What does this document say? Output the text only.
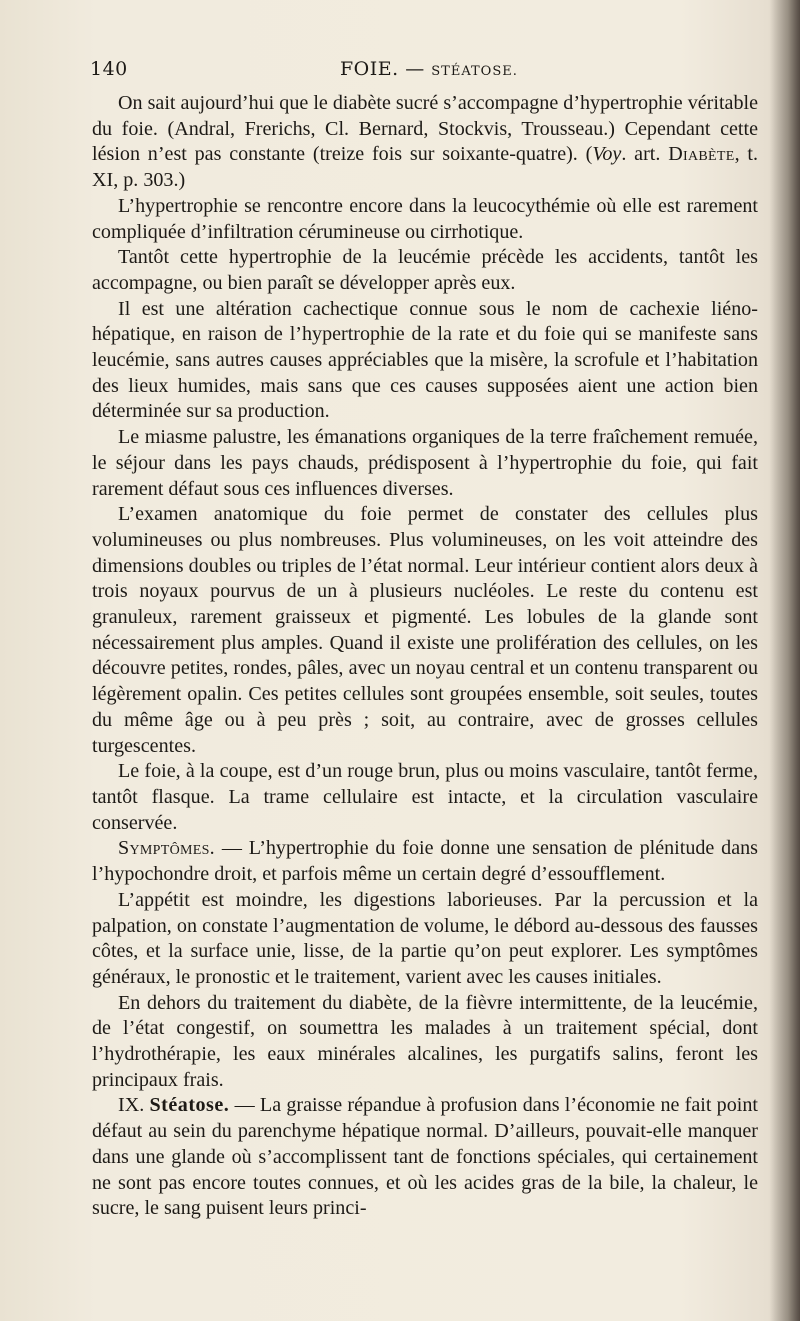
140	FOIE. — STÉATOSE.

On sait aujourd’hui que le diabète sucré s’accompagne d’hypertrophie véritable du foie. (Andral, Frerichs, Cl. Bernard, Stockvis, Trousseau.) Cependant cette lésion n’est pas constante (treize fois sur soixante-quatre). (Voy. art. Diabète, t. XI, p. 303.)

L’hypertrophie se rencontre encore dans la leucocythémie où elle est rarement compliquée d’infiltration cérumineuse ou cirrhotique.

Tantôt cette hypertrophie de la leucémie précède les accidents, tantôt les accompagne, ou bien paraît se développer après eux.

Il est une altération cachectique connue sous le nom de cachexie liéno-hépatique, en raison de l’hypertrophie de la rate et du foie qui se manifeste sans leucémie, sans autres causes appréciables que la misère, la scrofule et l’habitation des lieux humides, mais sans que ces causes supposées aient une action bien déterminée sur sa production.

Le miasme palustre, les émanations organiques de la terre fraîchement remuée, le séjour dans les pays chauds, prédisposent à l’hypertrophie du foie, qui fait rarement défaut sous ces influences diverses.

L’examen anatomique du foie permet de constater des cellules plus volumineuses ou plus nombreuses. Plus volumineuses, on les voit atteindre des dimensions doubles ou triples de l’état normal. Leur intérieur contient alors deux à trois noyaux pourvus de un à plusieurs nucléoles. Le reste du contenu est granuleux, rarement graisseux et pigmenté. Les lobules de la glande sont nécessairement plus amples. Quand il existe une prolifération des cellules, on les découvre petites, rondes, pâles, avec un noyau central et un contenu transparent ou légèrement opalin. Ces petites cellules sont groupées ensemble, soit seules, toutes du même âge ou à peu près ; soit, au contraire, avec de grosses cellules turgescentes.

Le foie, à la coupe, est d’un rouge brun, plus ou moins vasculaire, tantôt ferme, tantôt flasque. La trame cellulaire est intacte, et la circulation vasculaire conservée.

Symptômes. — L’hypertrophie du foie donne une sensation de plénitude dans l’hypochondre droit, et parfois même un certain degré d’essoufflement.

L’appétit est moindre, les digestions laborieuses. Par la percussion et la palpation, on constate l’augmentation de volume, le débord au-dessous des fausses côtes, et la surface unie, lisse, de la partie qu’on peut explorer. Les symptômes généraux, le pronostic et le traitement, varient avec les causes initiales.

En dehors du traitement du diabète, de la fièvre intermittente, de la leucémie, de l’état congestif, on soumettra les malades à un traitement spécial, dont l’hydrothérapie, les eaux minérales alcalines, les purgatifs salins, feront les principaux frais.

IX. Stéatose. — La graisse répandue à profusion dans l’économie ne fait point défaut au sein du parenchyme hépatique normal. D’ailleurs, pouvait-elle manquer dans une glande où s’accomplissent tant de fonctions spéciales, qui certainement ne sont pas encore toutes connues, et où les acides gras de la bile, la chaleur, le sucre, le sang puisent leurs princi-
